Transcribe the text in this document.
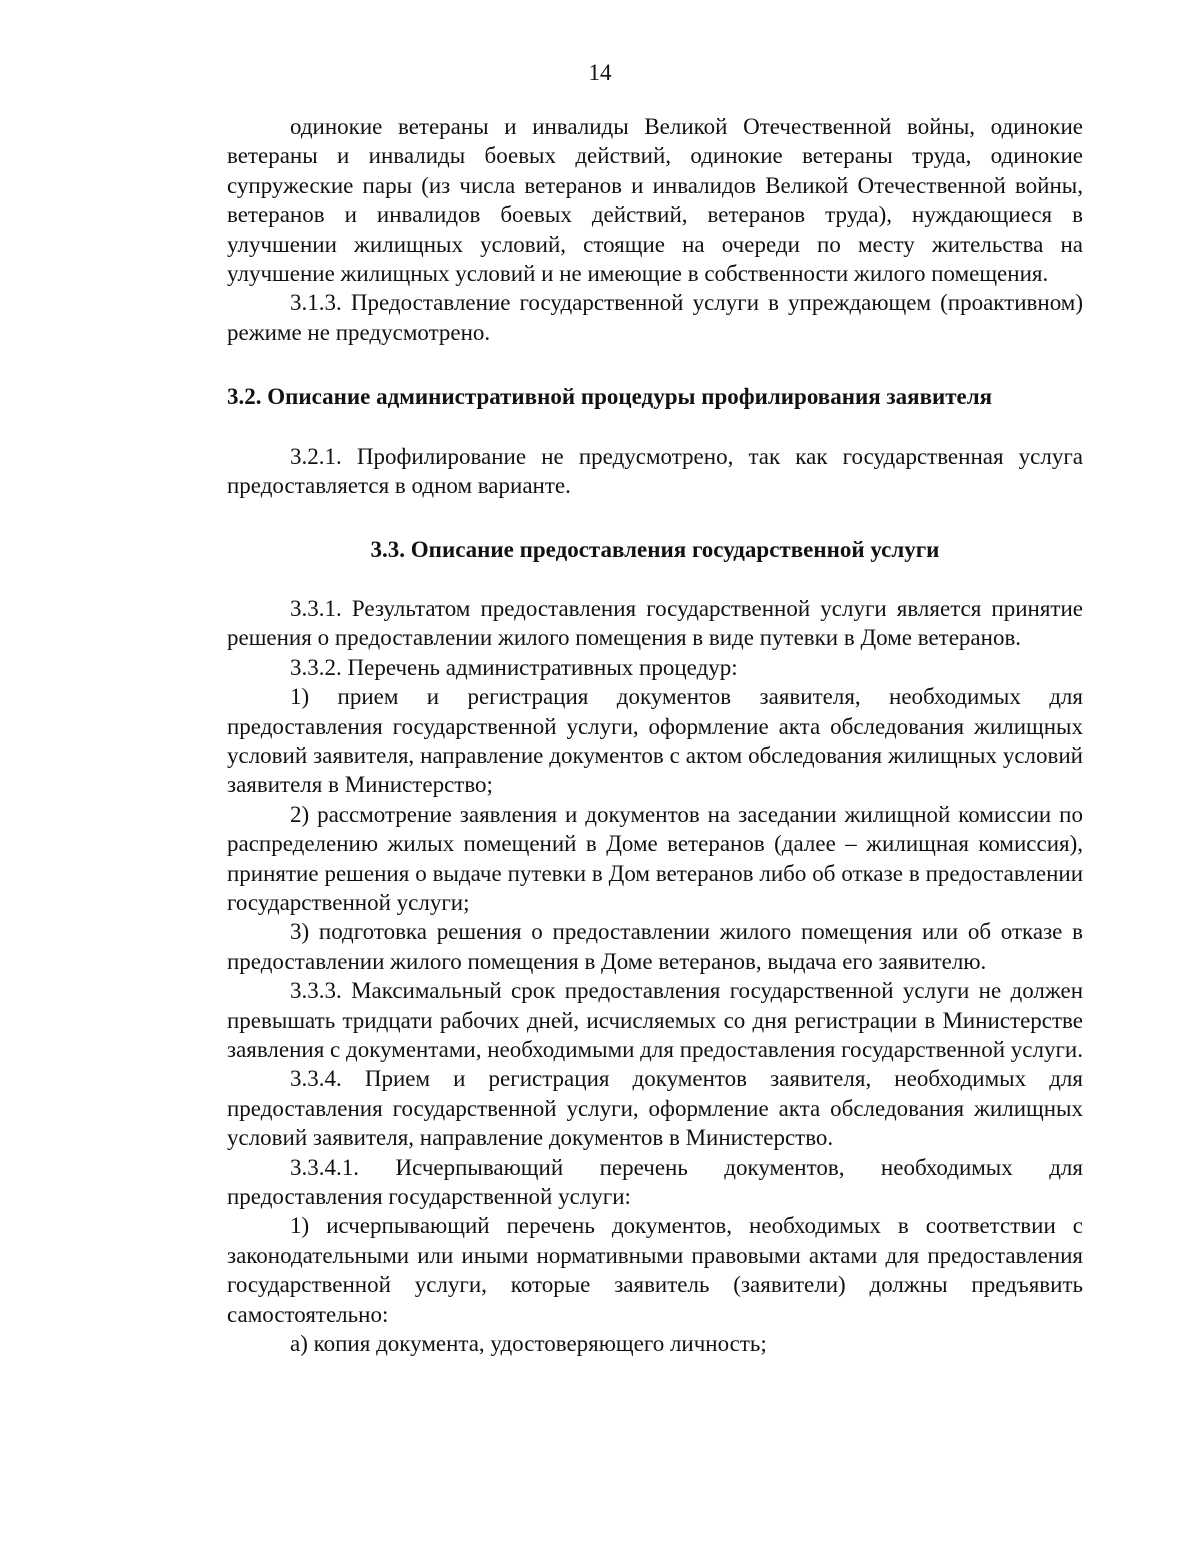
14

одинокие ветераны и инвалиды Великой Отечественной войны, одинокие ветераны и инвалиды боевых действий, одинокие ветераны труда, одинокие супружеские пары (из числа ветеранов и инвалидов Великой Отечественной войны, ветеранов и инвалидов боевых действий, ветеранов труда), нуждающиеся в улучшении жилищных условий, стоящие на очереди по месту жительства на улучшение жилищных условий и не имеющие в собственности жилого помещения.

3.1.3. Предоставление государственной услуги в упреждающем (проактивном) режиме не предусмотрено.

3.2. Описание административной процедуры профилирования заявителя

3.2.1. Профилирование не предусмотрено, так как государственная услуга предоставляется в одном варианте.

3.3. Описание предоставления государственной услуги

3.3.1. Результатом предоставления государственной услуги является принятие решения о предоставлении жилого помещения в виде путевки в Доме ветеранов.

3.3.2. Перечень административных процедур:

1) прием и регистрация документов заявителя, необходимых для предоставления государственной услуги, оформление акта обследования жилищных условий заявителя, направление документов с актом обследования жилищных условий заявителя в Министерство;

2) рассмотрение заявления и документов на заседании жилищной комиссии по распределению жилых помещений в Доме ветеранов (далее – жилищная комиссия), принятие решения о выдаче путевки в Дом ветеранов либо об отказе в предоставлении государственной услуги;

3) подготовка решения о предоставлении жилого помещения или об отказе в предоставлении жилого помещения в Доме ветеранов, выдача его заявителю.

3.3.3. Максимальный срок предоставления государственной услуги не должен превышать тридцати рабочих дней, исчисляемых со дня регистрации в Министерстве заявления с документами, необходимыми для предоставления государственной услуги.

3.3.4. Прием и регистрация документов заявителя, необходимых для предоставления государственной услуги, оформление акта обследования жилищных условий заявителя, направление документов в Министерство.

3.3.4.1. Исчерпывающий перечень документов, необходимых для предоставления государственной услуги:

1) исчерпывающий перечень документов, необходимых в соответствии с законодательными или иными нормативными правовыми актами для предоставления государственной услуги, которые заявитель (заявители) должны предъявить самостоятельно:

а) копия документа, удостоверяющего личность;
